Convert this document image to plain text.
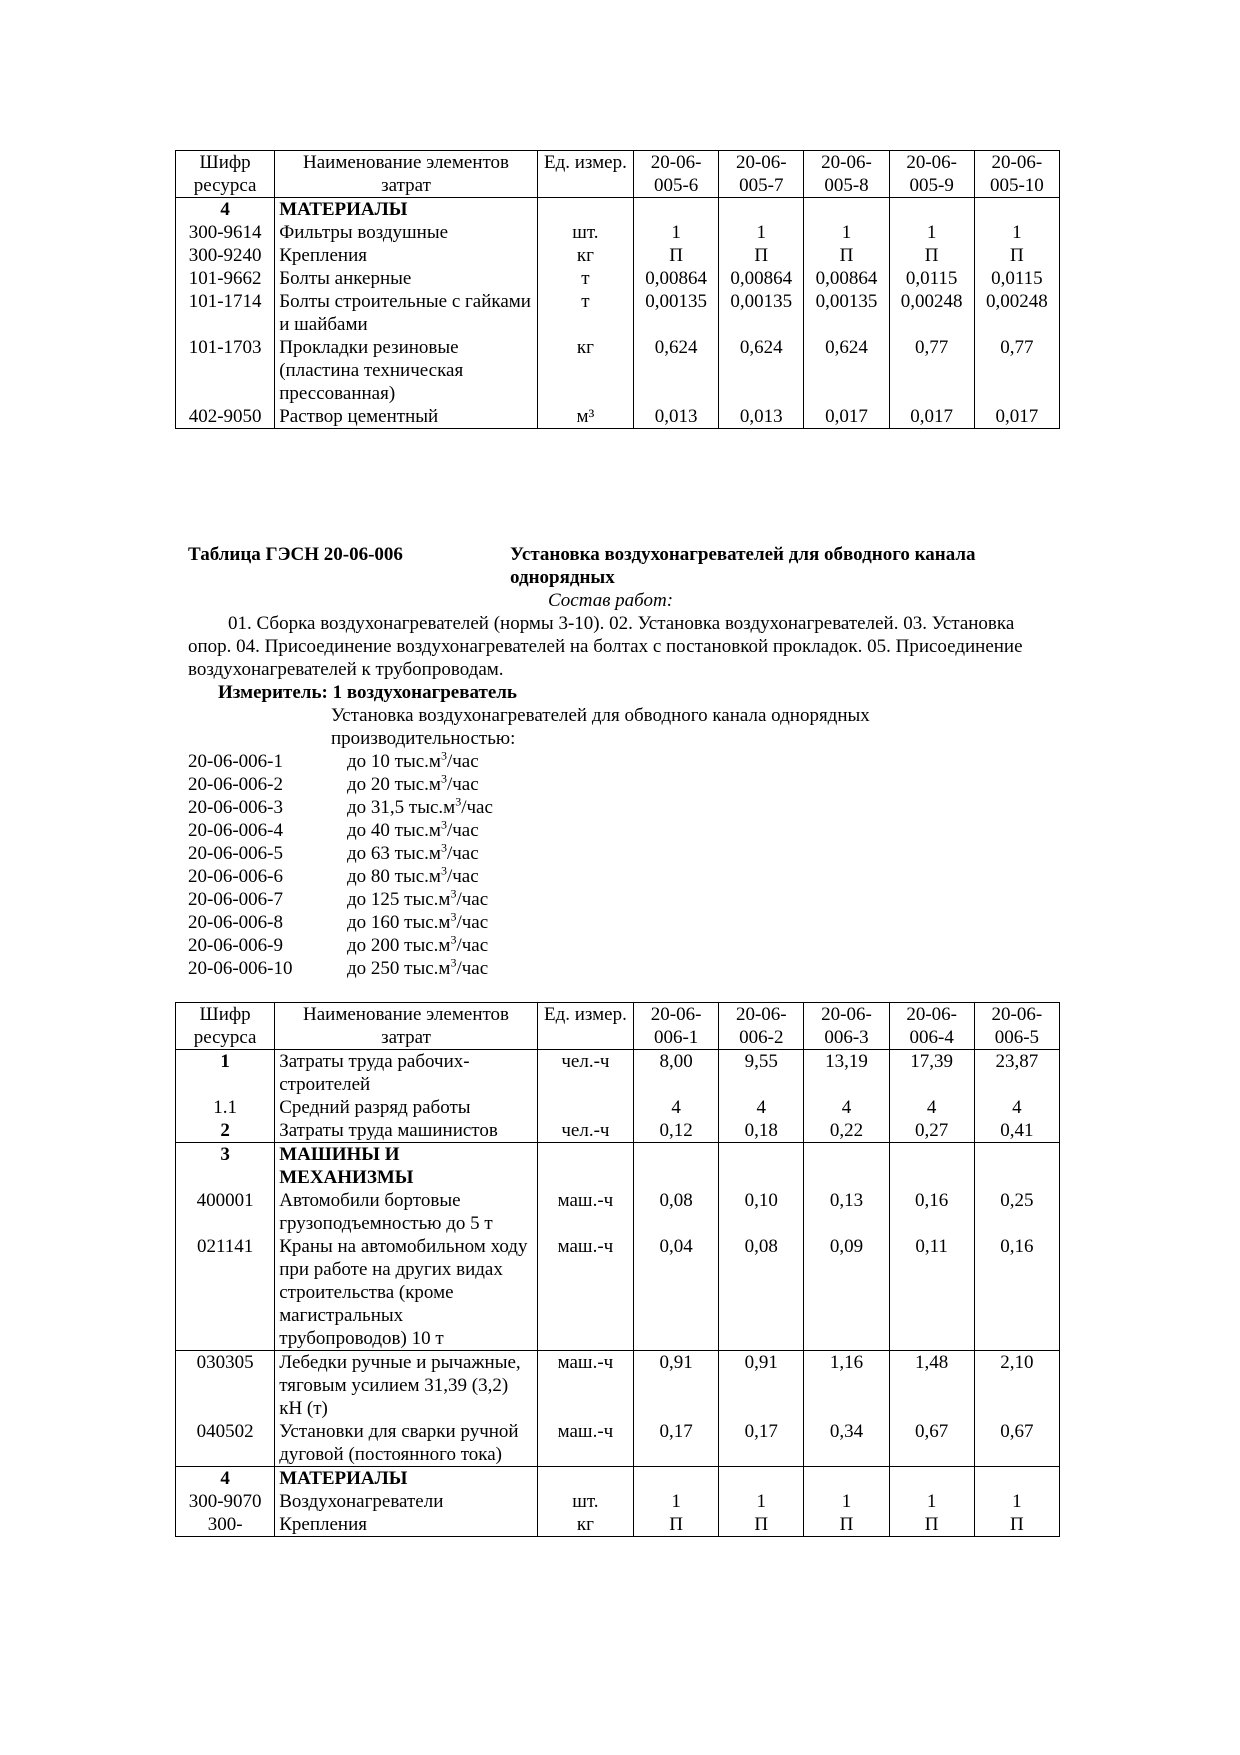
Шифр ресурса	Наименование элементов затрат	Ед. измер.	20-06-005-6	20-06-005-7	20-06-005-8	20-06-005-9	20-06-005-10
4	МАТЕРИАЛЫ						
300-9614	Фильтры воздушные	шт.	1	1	1	1	1
300-9240	Крепления	кг	П	П	П	П	П
101-9662	Болты анкерные	т	0,00864	0,00864	0,00864	0,0115	0,0115
101-1714	Болты строительные с гайками и шайбами	т	0,00135	0,00135	0,00135	0,00248	0,00248
101-1703	Прокладки резиновые (пластина техническая прессованная)	кг	0,624	0,624	0,624	0,77	0,77
402-9050	Раствор цементный	м³	0,013	0,013	0,017	0,017	0,017
Таблица ГЭСН 20-06-006	Установка воздухонагревателей для обводного канала однорядных
Состав работ:
01. Сборка воздухонагревателей (нормы 3-10). 02. Установка воздухонагревателей. 03. Установка опор. 04. Присоединение воздухонагревателей на болтах с постановкой прокладок. 05. Присоединение воздухонагревателей к трубопроводам.
Измеритель: 1 воздухонагреватель
Установка воздухонагревателей для обводного канала однорядных производительностью:
20-06-006-1	до 10 $тыс.м^3$/час
20-06-006-2	до 20 $тыс.м^3$/час
20-06-006-3	до 31,5 $тыс.м^3$/час
20-06-006-4	до 40 $тыс.м^3$/час
20-06-006-5	до 63 $тыс.м^3$/час
20-06-006-6	до 80 $тыс.м^3$/час
20-06-006-7	до 125 $тыс.м^3$/час
20-06-006-8	до 160 $тыс.м^3$/час
20-06-006-9	до 200 $тыс.м^3$/час
20-06-006-10	до 250 $тыс.м^3$/час
Шифр ресурса	Наименование элементов затрат	Ед. измер.	20-06-006-1	20-06-006-2	20-06-006-3	20-06-006-4	20-06-006-5
1	Затраты труда рабочих-строителей	чел.-ч	8,00	9,55	13,19	17,39	23,87
1.1	Средний разряд работы		4	4	4	4	4
2	Затраты труда машинистов	чел.-ч	0,12	0,18	0,22	0,27	0,41
3	МАШИНЫ И МЕХАНИЗМЫ						
400001	Автомобили бортовые грузоподъемностью до 5 т	маш.-ч	0,08	0,10	0,13	0,16	0,25
021141	Краны на автомобильном ходу при работе на других видах строительства (кроме магистральных трубопроводов) 10 т	маш.-ч	0,04	0,08	0,09	0,11	0,16
030305	Лебедки ручные и рычажные, тяговым усилием 31,39 (3,2) кН (т)	маш.-ч	0,91	0,91	1,16	1,48	2,10
040502	Установки для сварки ручной дуговой (постоянного тока)	маш.-ч	0,17	0,17	0,34	0,67	0,67
4	МАТЕРИАЛЫ						
300-9070	Воздухонагреватели	шт.	1	1	1	1	1
300-	Крепления	кг	П	П	П	П	П
